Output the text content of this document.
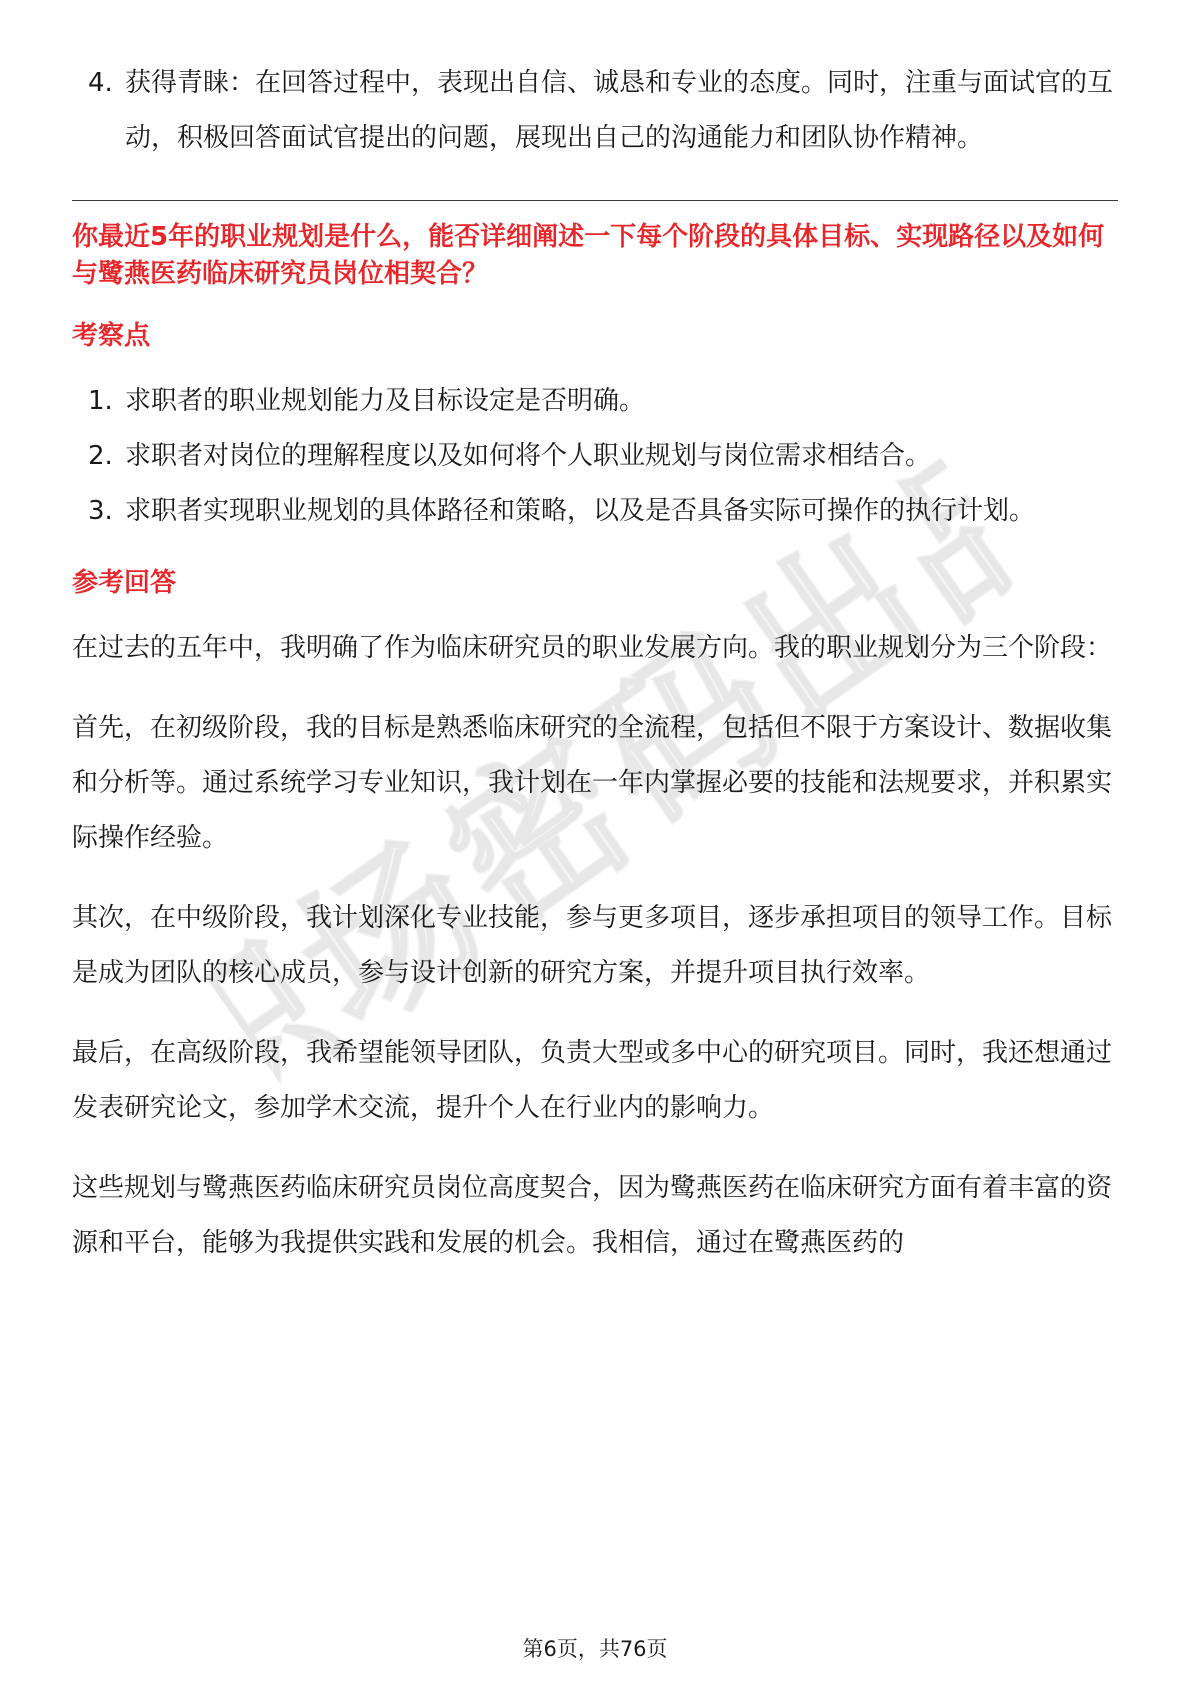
4. 获得青睐：在回答过程中，表现出自信、诚恳和专业的态度。同时，注重与面试官的互动，积极回答面试官提出的问题，展现出自己的沟通能力和团队协作精神。
你最近5年的职业规划是什么，能否详细阐述一下每个阶段的具体目标、实现路径以及如何与鹭燕医药临床研究员岗位相契合？
考察点
1. 求职者的职业规划能力及目标设定是否明确。
2. 求职者对岗位的理解程度以及如何将个人职业规划与岗位需求相结合。
3. 求职者实现职业规划的具体路径和策略，以及是否具备实际可操作的执行计划。
参考回答
在过去的五年中，我明确了作为临床研究员的职业发展方向。我的职业规划分为三个阶段：
首先，在初级阶段，我的目标是熟悉临床研究的全流程，包括但不限于方案设计、数据收集和分析等。通过系统学习专业知识，我计划在一年内掌握必要的技能和法规要求，并积累实际操作经验。
其次，在中级阶段，我计划深化专业技能，参与更多项目，逐步承担项目的领导工作。目标是成为团队的核心成员，参与设计创新的研究方案，并提升项目执行效率。
最后，在高级阶段，我希望能领导团队，负责大型或多中心的研究项目。同时，我还想通过发表研究论文，参加学术交流，提升个人在行业内的影响力。
这些规划与鹭燕医药临床研究员岗位高度契合，因为鹭燕医药在临床研究方面有着丰富的资源和平台，能够为我提供实践和发展的机会。我相信，通过在鹭燕医药的
第6页，共76页
